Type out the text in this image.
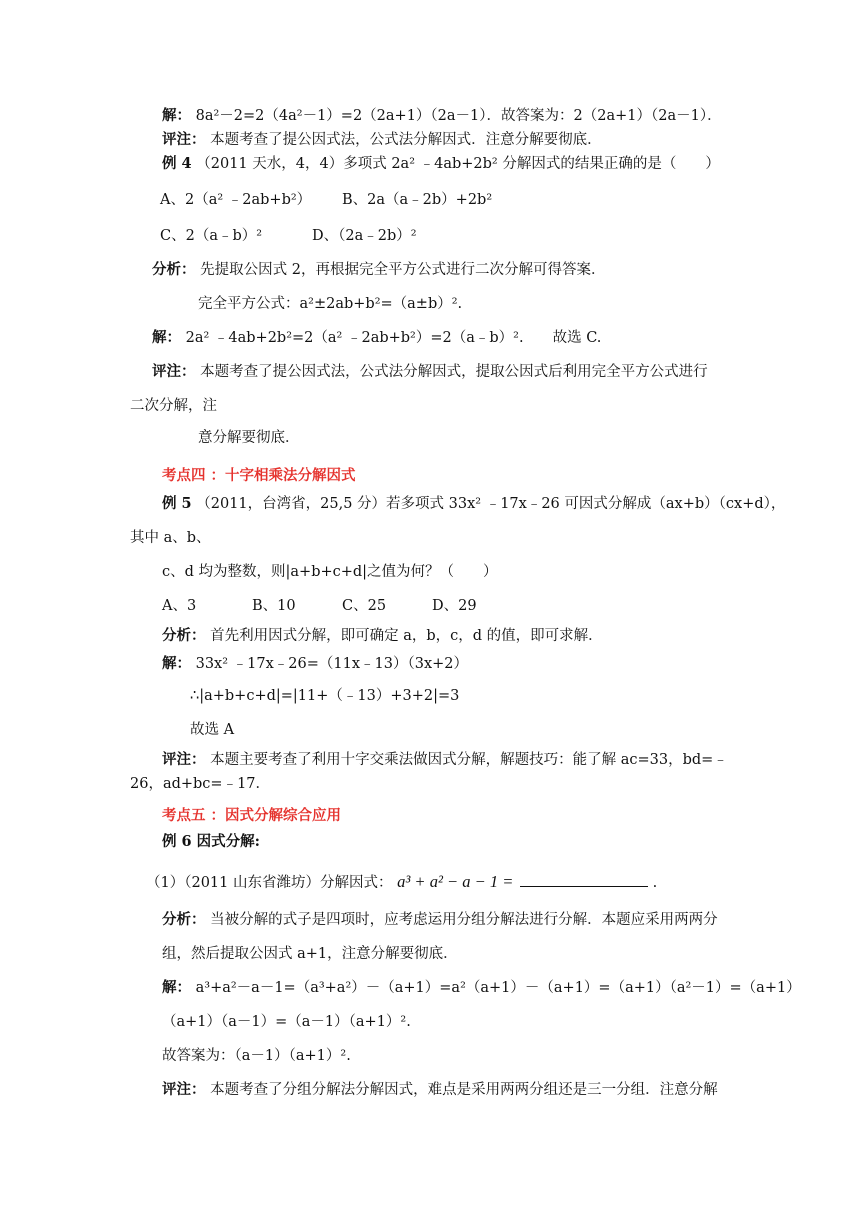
解： 8a²－2=2（4a²－1）=2（2a+1）（2a－1）．故答案为：2（2a+1）（2a－1）．
评注： 本题考查了提公因式法，公式法分解因式．注意分解要彻底．
例 4 （2011 天水，4，4）多项式 2a² ﹣4ab+2b² 分解因式的结果正确的是（　　）
A、2（a² ﹣2ab+b²） B、2a（a﹣2b）+2b²
C、2（a﹣b）²	D、（2a﹣2b）²
分析： 先提取公因式 2，再根据完全平方公式进行二次分解可得答案．
完全平方公式：a²±2ab+b²=（a±b）².
解： 2a² ﹣4ab+2b²=2（a² ﹣2ab+b²）=2（a﹣b）².　　故选 C.
评注： 本题考查了提公因式法，公式法分解因式，提取公因式后利用完全平方公式进行
二次分解，注
意分解要彻底．
考点四 ：十字相乘法分解因式
例 5 （2011，台湾省，25,5 分）若多项式 33x² ﹣17x﹣26 可因式分解成（ax+b）（cx+d），
其中 a、b、
c、d 均为整数，则|a+b+c+d|之值为何？（　　）
A、3	B、10	C、25	D、29
分析： 首先利用因式分解，即可确定 a，b，c，d 的值，即可求解．
解： 33x² ﹣17x﹣26=（11x﹣13）（3x+2）
∴|a+b+c+d|=|11+（﹣13）+3+2|=3
故选 A
评注： 本题主要考查了利用十字交乘法做因式分解，解题技巧：能了解 ac=33，bd=﹣
26，ad+bc=﹣17．
考点五 ：因式分解综合应用
例 6 因式分解:
（1）（2011 山东省潍坊）分解因式： a³ + a² − a − 1 =	.
分析： 当被分解的式子是四项时，应考虑运用分组分解法进行分解．本题应采用两两分
组，然后提取公因式 a+1，注意分解要彻底．
解： a³+a²－a－1=（a³+a²）－（a+1）=a²（a+1）－（a+1）=（a+1）（a²－1）=（a+1）
（a+1）（a－1）=（a－1）（a+1）².
故答案为：（a－1）（a+1）².
评注： 本题考查了分组分解法分解因式，难点是采用两两分组还是三一分组．注意分解
